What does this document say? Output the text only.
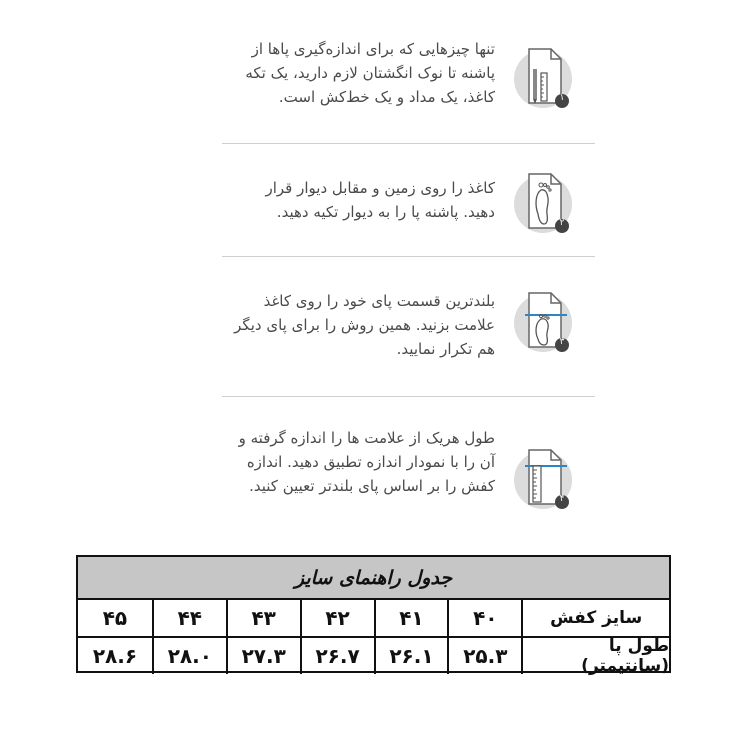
تنها چیزهایی که برای اندازه‌گیری پاها از پاشنه تا نوک انگشتان لازم دارید، یک تکه کاغذ، یک مداد و یک خط‌کش است.	۱
کاغذ را روی زمین و مقابل دیوار قرار دهید. پاشنه پا را به دیوار تکیه دهید.
۲
بلندترین قسمت پای خود را روی کاغذ علامت بزنید. همین روش را برای پای دیگر هم تکرار نمایید.	۳
طول هریک از علامت ها را اندازه گرفته و آن را با نمودار اندازه تطبیق دهید. اندازه کفش را بر اساس پای بلندتر تعیین کنید.
۴
جدول راهنمای سایز
سایز کفش
۴۰
۴۱
۴۲
۴۳
۴۴
۴۵
طول پا (سانتیمتر)
۲۵.۳
۲۶.۱
۲۶.۷
۲۷.۳
۲۸.۰
۲۸.۶
